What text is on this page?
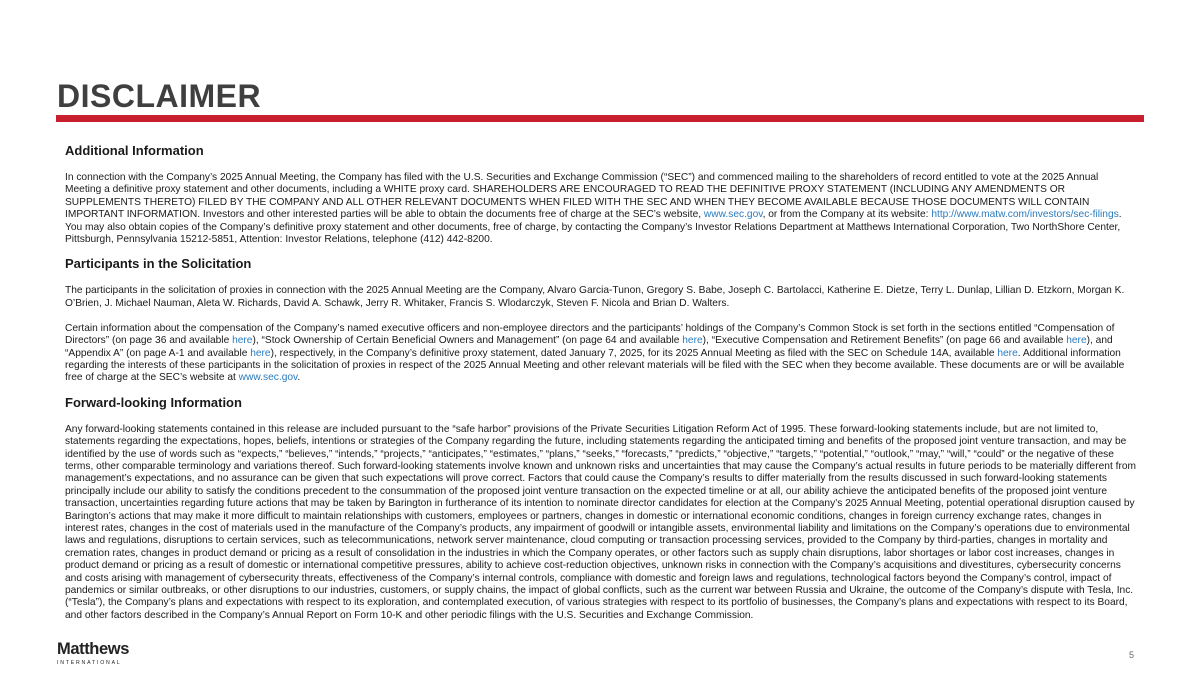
DISCLAIMER
Additional Information

In connection with the Company’s 2025 Annual Meeting, the Company has filed with the U.S. Securities and Exchange Commission (“SEC”) and commenced mailing to the shareholders of record entitled to vote at the 2025 Annual Meeting a definitive proxy statement and other documents, including a WHITE proxy card. SHAREHOLDERS ARE ENCOURAGED TO READ THE DEFINITIVE PROXY STATEMENT (INCLUDING ANY AMENDMENTS OR SUPPLEMENTS THERETO) FILED BY THE COMPANY AND ALL OTHER RELEVANT DOCUMENTS WHEN FILED WITH THE SEC AND WHEN THEY BECOME AVAILABLE BECAUSE THOSE DOCUMENTS WILL CONTAIN IMPORTANT INFORMATION. Investors and other interested parties will be able to obtain the documents free of charge at the SEC’s website, www.sec.gov, or from the Company at its website: http://www.matw.com/investors/sec-filings. You may also obtain copies of the Company’s definitive proxy statement and other documents, free of charge, by contacting the Company’s Investor Relations Department at Matthews International Corporation, Two NorthShore Center, Pittsburgh, Pennsylvania 15212-5851, Attention: Investor Relations, telephone (412) 442-8200.

Participants in the Solicitation

The participants in the solicitation of proxies in connection with the 2025 Annual Meeting are the Company, Alvaro Garcia-Tunon, Gregory S. Babe, Joseph C. Bartolacci, Katherine E. Dietze, Terry L. Dunlap, Lillian D. Etzkorn, Morgan K. O’Brien, J. Michael Nauman, Aleta W. Richards, David A. Schawk, Jerry R. Whitaker, Francis S. Wlodarczyk, Steven F. Nicola and Brian D. Walters.

Certain information about the compensation of the Company’s named executive officers and non-employee directors and the participants’ holdings of the Company’s Common Stock is set forth in the sections entitled “Compensation of Directors” (on page 36 and available here), “Stock Ownership of Certain Beneficial Owners and Management” (on page 64 and available here), “Executive Compensation and Retirement Benefits” (on page 66 and available here), and “Appendix A” (on page A-1 and available here), respectively, in the Company’s definitive proxy statement, dated January 7, 2025, for its 2025 Annual Meeting as filed with the SEC on Schedule 14A, available here. Additional information regarding the interests of these participants in the solicitation of proxies in respect of the 2025 Annual Meeting and other relevant materials will be filed with the SEC when they become available. These documents are or will be available free of charge at the SEC’s website at www.sec.gov.

Forward-looking Information

Any forward-looking statements contained in this release are included pursuant to the “safe harbor” provisions of the Private Securities Litigation Reform Act of 1995. These forward-looking statements include, but are not limited to, statements regarding the expectations, hopes, beliefs, intentions or strategies of the Company regarding the future, including statements regarding the anticipated timing and benefits of the proposed joint venture transaction, and may be identified by the use of words such as “expects,” “believes,” “intends,” “projects,” “anticipates,” “estimates,” “plans,” “seeks,” “forecasts,” “predicts,” “objective,” “targets,” “potential,” “outlook,” “may,” “will,” “could” or the negative of these terms, other comparable terminology and variations thereof. Such forward-looking statements involve known and unknown risks and uncertainties that may cause the Company’s actual results in future periods to be materially different from management’s expectations, and no assurance can be given that such expectations will prove correct. Factors that could cause the Company’s results to differ materially from the results discussed in such forward-looking statements principally include our ability to satisfy the conditions precedent to the consummation of the proposed joint venture transaction on the expected timeline or at all, our ability achieve the anticipated benefits of the proposed joint venture transaction, uncertainties regarding future actions that may be taken by Barington in furtherance of its intention to nominate director candidates for election at the Company’s 2025 Annual Meeting, potential operational disruption caused by Barington’s actions that may make it more difficult to maintain relationships with customers, employees or partners, changes in domestic or international economic conditions, changes in foreign currency exchange rates, changes in interest rates, changes in the cost of materials used in the manufacture of the Company’s products, any impairment of goodwill or intangible assets, environmental liability and limitations on the Company’s operations due to environmental laws and regulations, disruptions to certain services, such as telecommunications, network server maintenance, cloud computing or transaction processing services, provided to the Company by third-parties, changes in mortality and cremation rates, changes in product demand or pricing as a result of consolidation in the industries in which the Company operates, or other factors such as supply chain disruptions, labor shortages or labor cost increases, changes in product demand or pricing as a result of domestic or international competitive pressures, ability to achieve cost-reduction objectives, unknown risks in connection with the Company’s acquisitions and divestitures, cybersecurity concerns and costs arising with management of cybersecurity threats, effectiveness of the Company’s internal controls, compliance with domestic and foreign laws and regulations, technological factors beyond the Company’s control, impact of pandemics or similar outbreaks, or other disruptions to our industries, customers, or supply chains, the impact of global conflicts, such as the current war between Russia and Ukraine, the outcome of the Company’s dispute with Tesla, Inc. (“Tesla”), the Company’s plans and expectations with respect to its exploration, and contemplated execution, of various strategies with respect to its portfolio of businesses, the Company’s plans and expectations with respect to its Board, and other factors described in the Company’s Annual Report on Form 10-K and other periodic filings with the U.S. Securities and Exchange Commission.

Matthews
INTERNATIONAL
5
